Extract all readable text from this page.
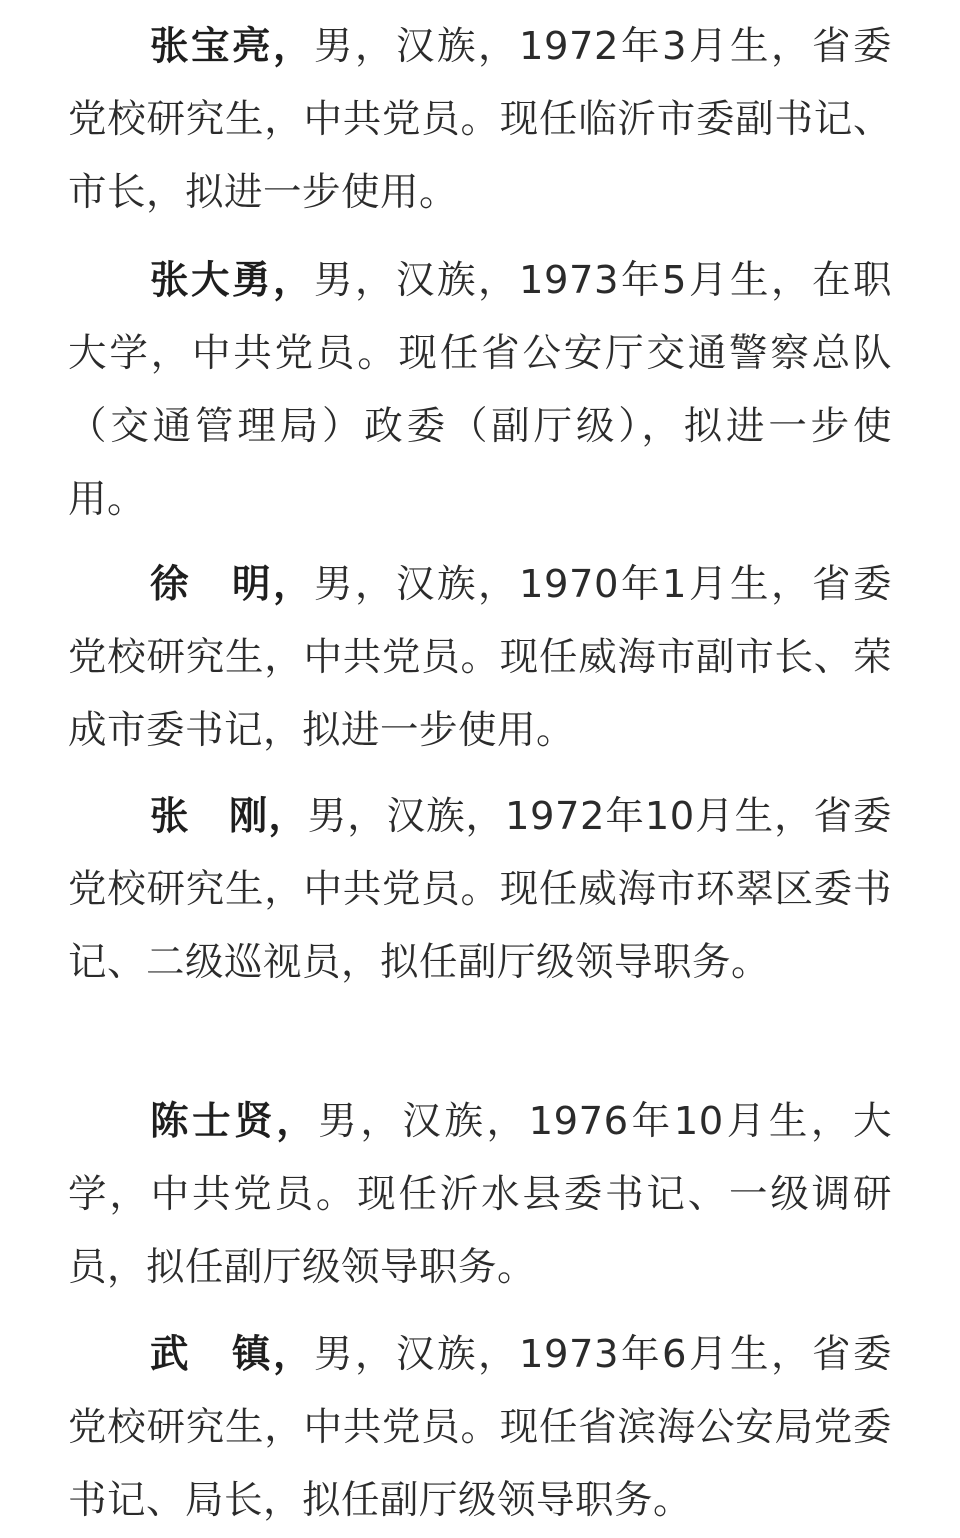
张宝亮，男，汉族，1972年3月生，省委党校研究生，中共党员。现任临沂市委副书记、市长，拟进一步使用。

张大勇，男，汉族，1973年5月生，在职大学，中共党员。现任省公安厅交通警察总队（交通管理局）政委（副厅级），拟进一步使用。

徐　明，男，汉族，1970年1月生，省委党校研究生，中共党员。现任威海市副市长、荣成市委书记，拟进一步使用。

张　刚，男，汉族，1972年10月生，省委党校研究生，中共党员。现任威海市环翠区委书记、二级巡视员，拟任副厅级领导职务。

陈士贤，男，汉族，1976年10月生，大学，中共党员。现任沂水县委书记、一级调研员，拟任副厅级领导职务。

武　镇，男，汉族，1973年6月生，省委党校研究生，中共党员。现任省滨海公安局党委书记、局长，拟任副厅级领导职务。
